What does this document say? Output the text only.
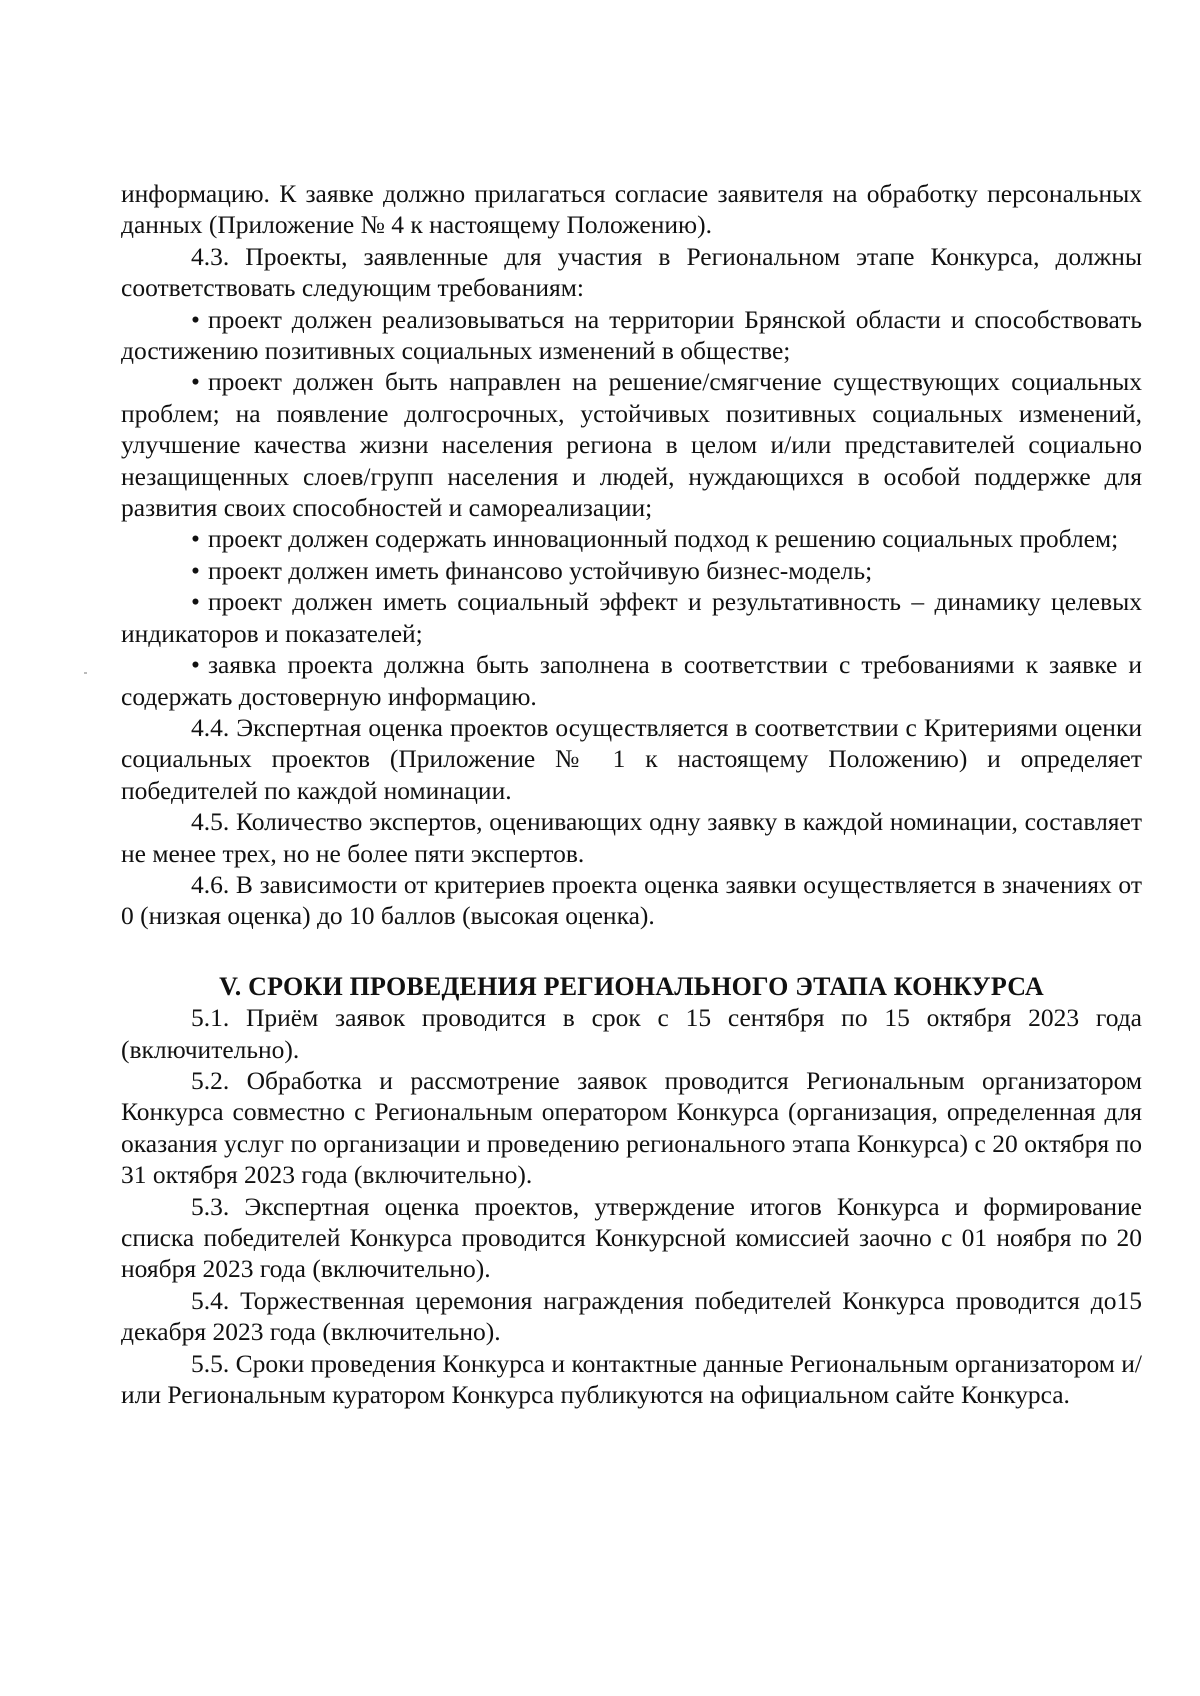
информацию. К заявке должно прилагаться согласие заявителя на обработку персональных данных (Приложение № 4 к настоящему Положению).

4.3. Проекты, заявленные для участия в Региональном этапе Конкурса, должны соответствовать следующим требованиям:

• проект должен реализовываться на территории Брянской области и способствовать достижению позитивных социальных изменений в обществе;

• проект должен быть направлен на решение/смягчение существующих социальных проблем; на появление долгосрочных, устойчивых позитивных социальных изменений, улучшение качества жизни населения региона в целом и/или представителей социально незащищенных слоев/групп населения и людей, нуждающихся в особой поддержке для развития своих способностей и самореализации;

• проект должен содержать инновационный подход к решению социальных проблем;

• проект должен иметь финансово устойчивую бизнес-модель;

• проект должен иметь социальный эффект и результативность – динамику целевых индикаторов и показателей;

• заявка проекта должна быть заполнена в соответствии с требованиями к заявке и содержать достоверную информацию.

4.4. Экспертная оценка проектов осуществляется в соответствии с Критериями оценки социальных проектов (Приложение № 1 к настоящему Положению) и определяет победителей по каждой номинации.

4.5. Количество экспертов, оценивающих одну заявку в каждой номинации, составляет не менее трех, но не более пяти экспертов.

4.6. В зависимости от критериев проекта оценка заявки осуществляется в значениях от 0 (низкая оценка) до 10 баллов (высокая оценка).

V. СРОКИ ПРОВЕДЕНИЯ РЕГИОНАЛЬНОГО ЭТАПА КОНКУРСА

5.1. Приём заявок проводится в срок с 15 сентября по 15 октября 2023 года (включительно).

5.2. Обработка и рассмотрение заявок проводится Региональным организатором Конкурса совместно с Региональным оператором Конкурса (организация, определенная для оказания услуг по организации и проведению регионального этапа Конкурса) с 20 октября по 31 октября 2023 года (включительно).

5.3. Экспертная оценка проектов, утверждение итогов Конкурса и формирование списка победителей Конкурса проводится Конкурсной комиссией заочно с 01 ноября по 20 ноября 2023 года (включительно).

5.4. Торжественная церемония награждения победителей Конкурса проводится до15 декабря 2023 года (включительно).

5.5. Сроки проведения Конкурса и контактные данные Региональным организатором и/или Региональным куратором Конкурса публикуются на официальном сайте Конкурса.
